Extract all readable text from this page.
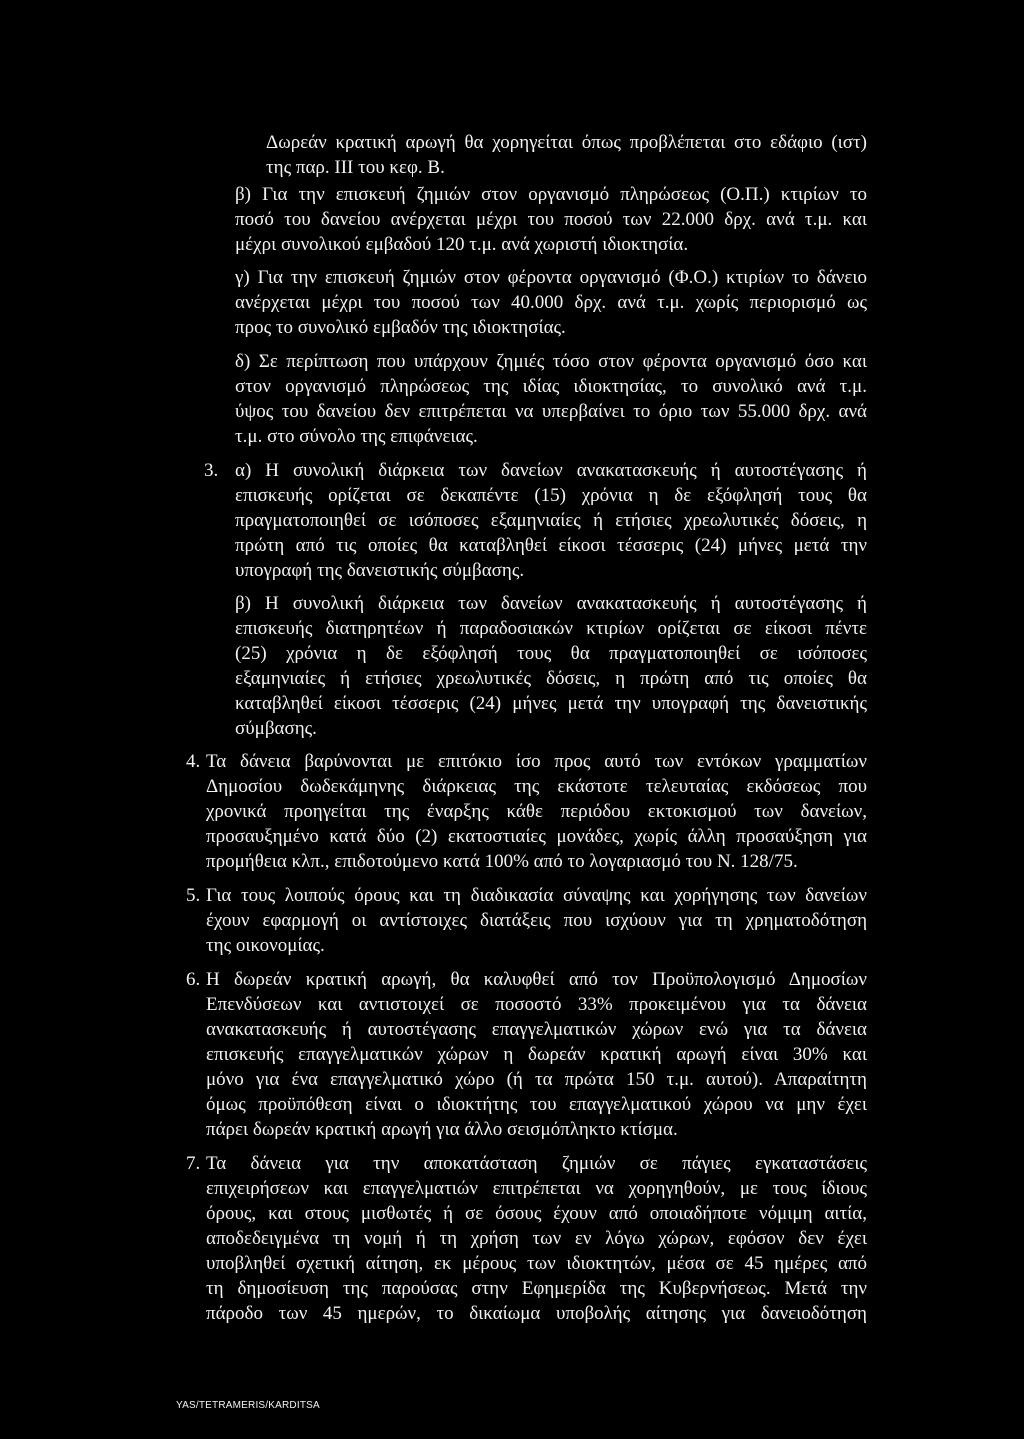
Δωρεάν κρατική αρωγή θα χορηγείται όπως προβλέπεται στο εδάφιο (ιστ)
της παρ. ΙΙΙ του κεφ. Β.
β) Για την επισκευή ζημιών στον οργανισμό πληρώσεως (Ο.Π.) κτιρίων το
ποσό του δανείου ανέρχεται μέχρι του ποσού των 22.000 δρχ. ανά τ.μ. και
μέχρι συνολικού εμβαδού 120 τ.μ. ανά χωριστή ιδιοκτησία.
γ) Για την επισκευή ζημιών στον φέροντα οργανισμό (Φ.Ο.) κτιρίων το δάνειο
ανέρχεται μέχρι του ποσού των 40.000 δρχ. ανά τ.μ. χωρίς περιορισμό ως
προς το συνολικό εμβαδόν της ιδιοκτησίας.
δ) Σε περίπτωση που υπάρχουν ζημιές τόσο στον φέροντα οργανισμό όσο και
στον οργανισμό πληρώσεως της ιδίας ιδιοκτησίας, το συνολικό ανά τ.μ.
ύψος του δανείου δεν επιτρέπεται να υπερβαίνει το όριο των 55.000 δρχ. ανά
τ.μ. στο σύνολο της επιφάνειας.
3. α) Η συνολική διάρκεια των δανείων ανακατασκευής ή αυτοστέγασης ή
επισκευής ορίζεται σε δεκαπέντε (15) χρόνια η δε εξόφλησή τους θα
πραγματοποιηθεί σε ισόποσες εξαμηνιαίες ή ετήσιες χρεωλυτικές δόσεις, η
πρώτη από τις οποίες θα καταβληθεί είκοσι τέσσερις (24) μήνες μετά την
υπογραφή της δανειστικής σύμβασης.
β) Η συνολική διάρκεια των δανείων ανακατασκευής ή αυτοστέγασης ή
επισκευής διατηρητέων ή παραδοσιακών κτιρίων ορίζεται σε είκοσι πέντε
(25) χρόνια η δε εξόφλησή τους θα πραγματοποιηθεί σε ισόποσες
εξαμηνιαίες ή ετήσιες χρεωλυτικές δόσεις, η πρώτη από τις οποίες θα
καταβληθεί είκοσι τέσσερις (24) μήνες μετά την υπογραφή της δανειστικής
σύμβασης.
4. Τα δάνεια βαρύνονται με επιτόκιο ίσο προς αυτό των εντόκων γραμματίων
Δημοσίου δωδεκάμηνης διάρκειας της εκάστοτε τελευταίας εκδόσεως που
χρονικά προηγείται της έναρξης κάθε περιόδου εκτοκισμού των δανείων,
προσαυξημένο κατά δύο (2) εκατοστιαίες μονάδες, χωρίς άλλη προσαύξηση για
προμήθεια κλπ., επιδοτούμενο κατά 100% από το λογαριασμό του Ν. 128/75.
5. Για τους λοιπούς όρους και τη διαδικασία σύναψης και χορήγησης των δανείων
έχουν εφαρμογή οι αντίστοιχες διατάξεις που ισχύουν για τη χρηματοδότηση
της οικονομίας.
6. Η δωρεάν κρατική αρωγή, θα καλυφθεί από τον Προϋπολογισμό Δημοσίων
Επενδύσεων και αντιστοιχεί σε ποσοστό 33% προκειμένου για τα δάνεια
ανακατασκευής ή αυτοστέγασης επαγγελματικών χώρων ενώ για τα δάνεια
επισκευής επαγγελματικών χώρων η δωρεάν κρατική αρωγή είναι 30% και
μόνο για ένα επαγγελματικό χώρο (ή τα πρώτα 150 τ.μ. αυτού). Απαραίτητη
όμως προϋπόθεση είναι ο ιδιοκτήτης του επαγγελματικού χώρου να μην έχει
πάρει δωρεάν κρατική αρωγή για άλλο σεισμόπληκτο κτίσμα.
7. Τα δάνεια για την αποκατάσταση ζημιών σε πάγιες εγκαταστάσεις
επιχειρήσεων και επαγγελματιών επιτρέπεται να χορηγηθούν, με τους ίδιους
όρους, και στους μισθωτές ή σε όσους έχουν από οποιαδήποτε νόμιμη αιτία,
αποδεδειγμένα τη νομή ή τη χρήση των εν λόγω χώρων, εφόσον δεν έχει
υποβληθεί σχετική αίτηση, εκ μέρους των ιδιοκτητών, μέσα σε 45 ημέρες από
τη δημοσίευση της παρούσας στην Εφημερίδα της Κυβερνήσεως. Μετά την
πάροδο των 45 ημερών, το δικαίωμα υποβολής αίτησης για δανειοδότηση
YAS/TETRAMERIS/KARDITSA
